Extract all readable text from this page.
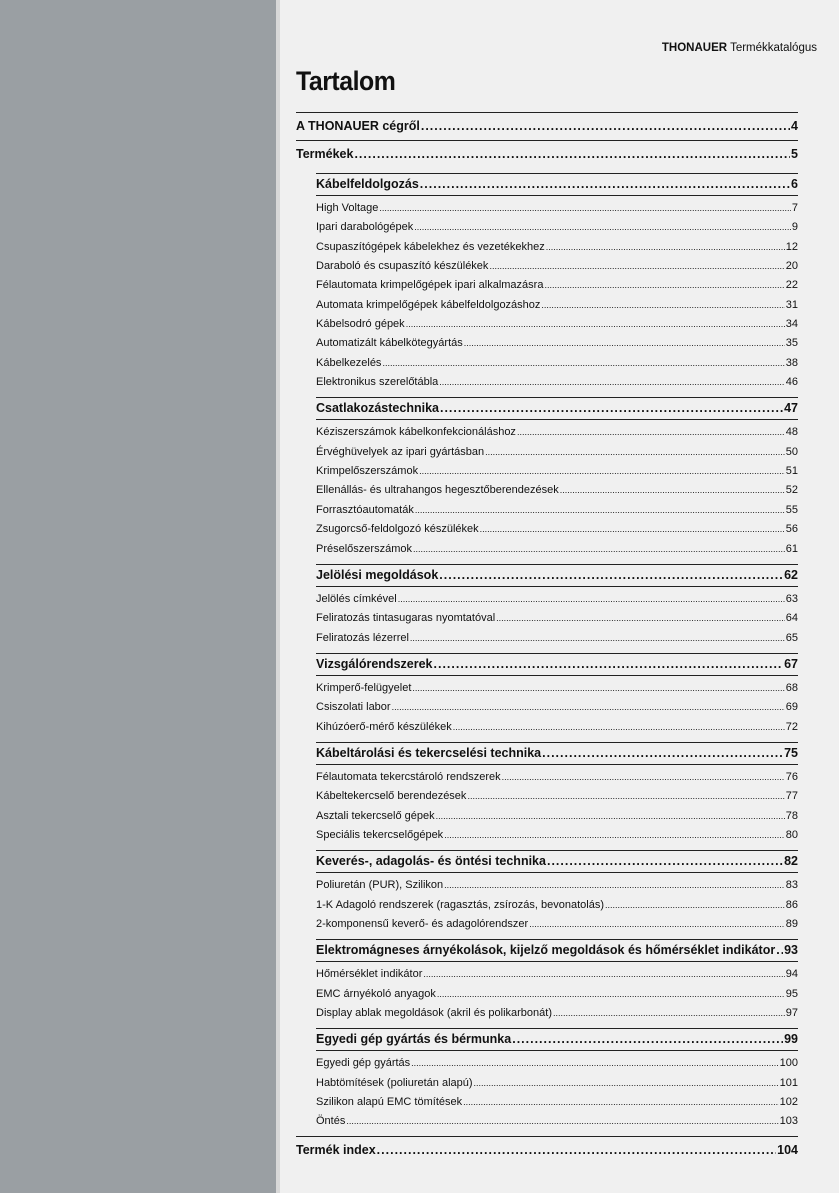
THONAUER Termékkatalógus
Tartalom
A THONAUER cégről .....	4
Termékek .....	5
Kábelfeldolgozás .....	6
High Voltage .....	7
Ipari darabológépek .....	9
Csupaszítógépek kábelekhez és vezetékekhez .....	12
Daraboló és csupaszító készülékek .....	20
Félautomata krimpelőgépek ipari alkalmazásra .....	22
Automata krimpelőgépek kábelfeldolgozáshoz .....	31
Kábelsodró gépek .....	34
Automatizált kábelkötegyártás .....	35
Kábelkezelés .....	38
Elektronikus szerelőtábla .....	46
Csatlakozástechnika .....	47
Kéziszerszámok kábelkonfekcionáláshoz .....	48
Érvéghüvelyek az ipari gyártásban .....	50
Krimpelőszerszámok .....	51
Ellenállás- és ultrahangos hegesztőberendezések .....	52
Forrasztóautomaták .....	55
Zsugorcső-feldolgozó készülékek .....	56
Préselőszerszámok .....	61
Jelölési megoldások .....	62
Jelölés címkével .....	63
Feliratozás tintasugaras nyomtatóval .....	64
Feliratozás lézerrel .....	65
Vizsgálórendszerek .....	67
Krimperő-felügyelet .....	68
Csiszolati labor .....	69
Kihúzóerő-mérő készülékek .....	72
Kábeltárolási és tekercselési technika .....	75
Félautomata tekercstároló rendszerek .....	76
Kábeltekercselő berendezések .....	77
Asztali tekercselő gépek .....	78
Speciális tekercselőgépek .....	80
Keverés-, adagolás- és öntési technika .....	82
Poliuretán (PUR), Szilikon .....	83
1-K Adagoló rendszerek (ragasztás, zsírozás, bevonatolás) .....	86
2-komponensű keverő- és adagolórendszer .....	89
Elektromágneses árnyékolások, kijelző megoldások és hőmérséklet indikátor ..... 93
Hőmérséklet indikátor .....	94
EMC árnyékoló anyagok .....	95
Display ablak megoldások (akril és polikarbonát) .....	97
Egyedi gép gyártás és bérmunka .....	99
Egyedi gép gyártás .....	100
Habtömítések (poliuretán alapú) .....	101
Szilikon alapú EMC tömítések .....	102
Öntés .....	103
Termék index .....	104
